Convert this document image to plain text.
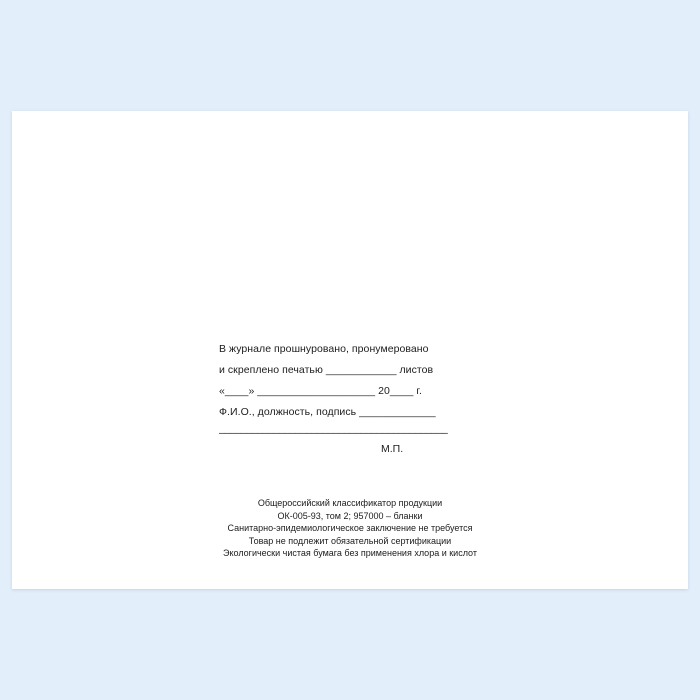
В журнале прошнуровано, пронумеровано
и скреплено печатью ____________ листов
«____» ____________________ 20____ г.
Ф.И.О., должность, подпись _____________
––––––––––––––––––––––––––––––––––––––––––
М.П.
Общероссийский классификатор продукции
ОК-005-93, том 2; 957000 – бланки
Санитарно-эпидемиологическое заключение не требуется
Товар не подлежит обязательной сертификации
Экологически чистая бумага без применения хлора и кислот
